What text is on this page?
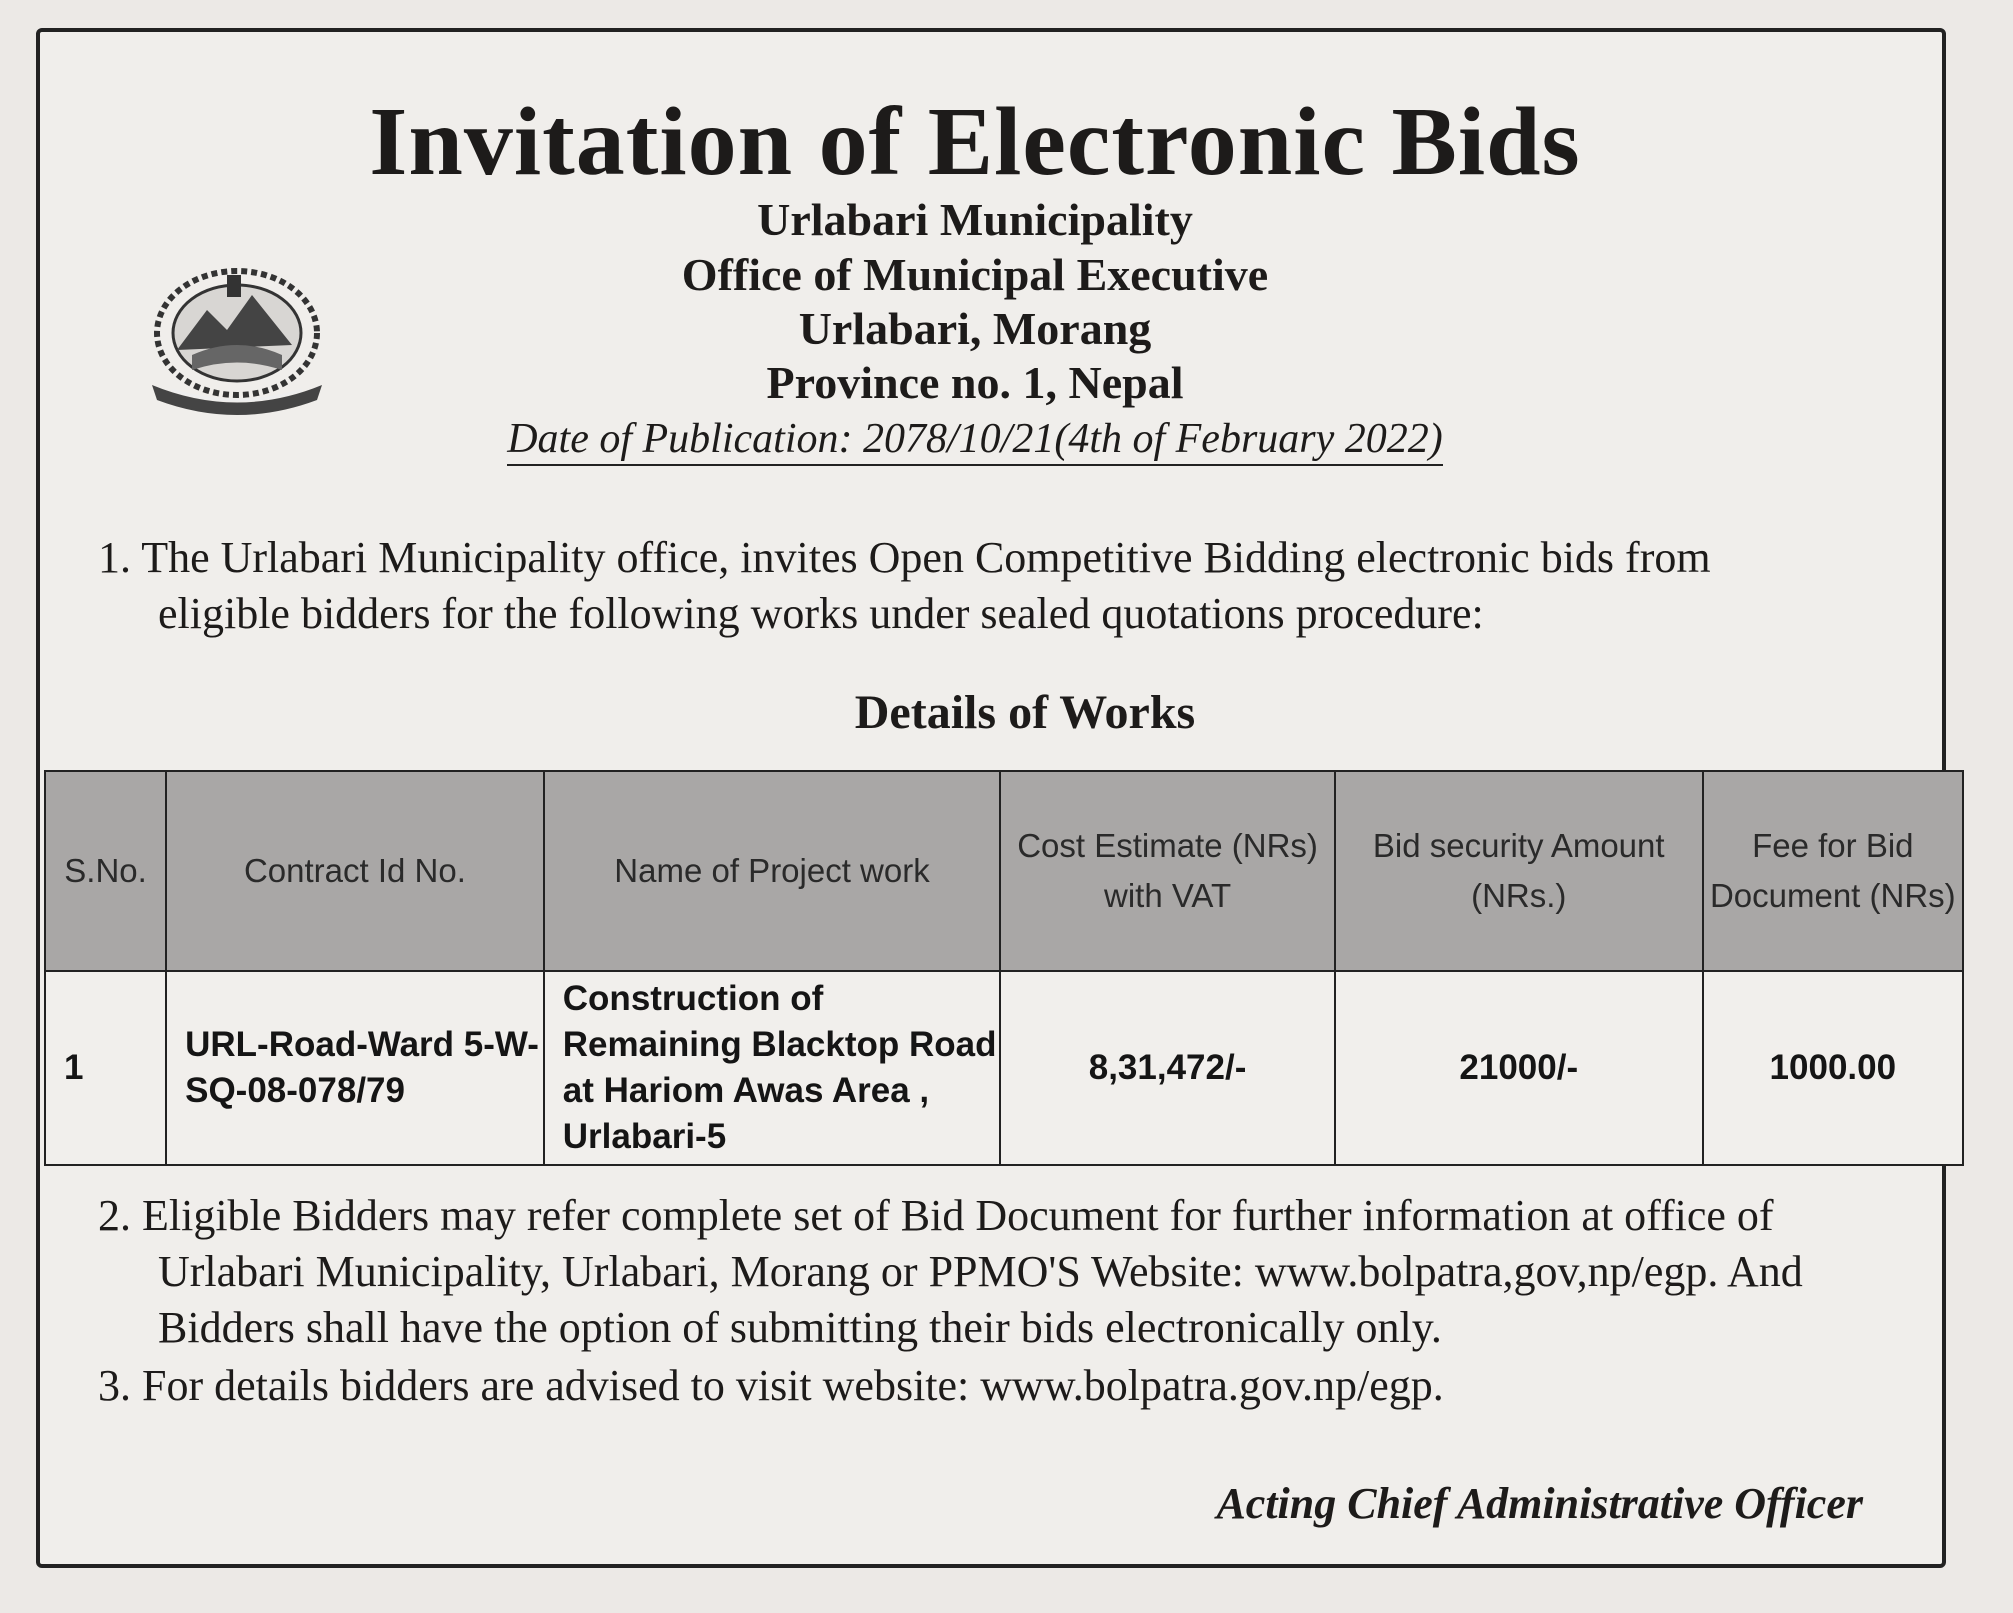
Invitation of Electronic Bids
Urlabari Municipality
Office of Municipal Executive
Urlabari, Morang
Province no. 1, Nepal
Date of Publication: 2078/10/21(4th of February 2022)
1. The Urlabari Municipality office, invites Open Competitive Bidding electronic bids from
eligible bidders for the following works under sealed quotations procedure:
Details of Works
S.No.	Contract Id No.	Name of Project work	Cost Estimate (NRs) with VAT	Bid security Amount (NRs.)	Fee for Bid Document (NRs)
1	URL-Road-Ward 5-W-SQ-08-078/79	Construction of Remaining Blacktop Road at Hariom Awas Area , Urlabari-5	8,31,472/-	21000/-	1000.00
2. Eligible Bidders may refer complete set of Bid Document for further information at office of
Urlabari Municipality, Urlabari, Morang or PPMO'S Website: www.bolpatra,gov,np/egp. And
Bidders shall have the option of submitting their bids electronically only.
3. For details bidders are advised to visit website: www.bolpatra.gov.np/egp.
Acting Chief Administrative Officer
